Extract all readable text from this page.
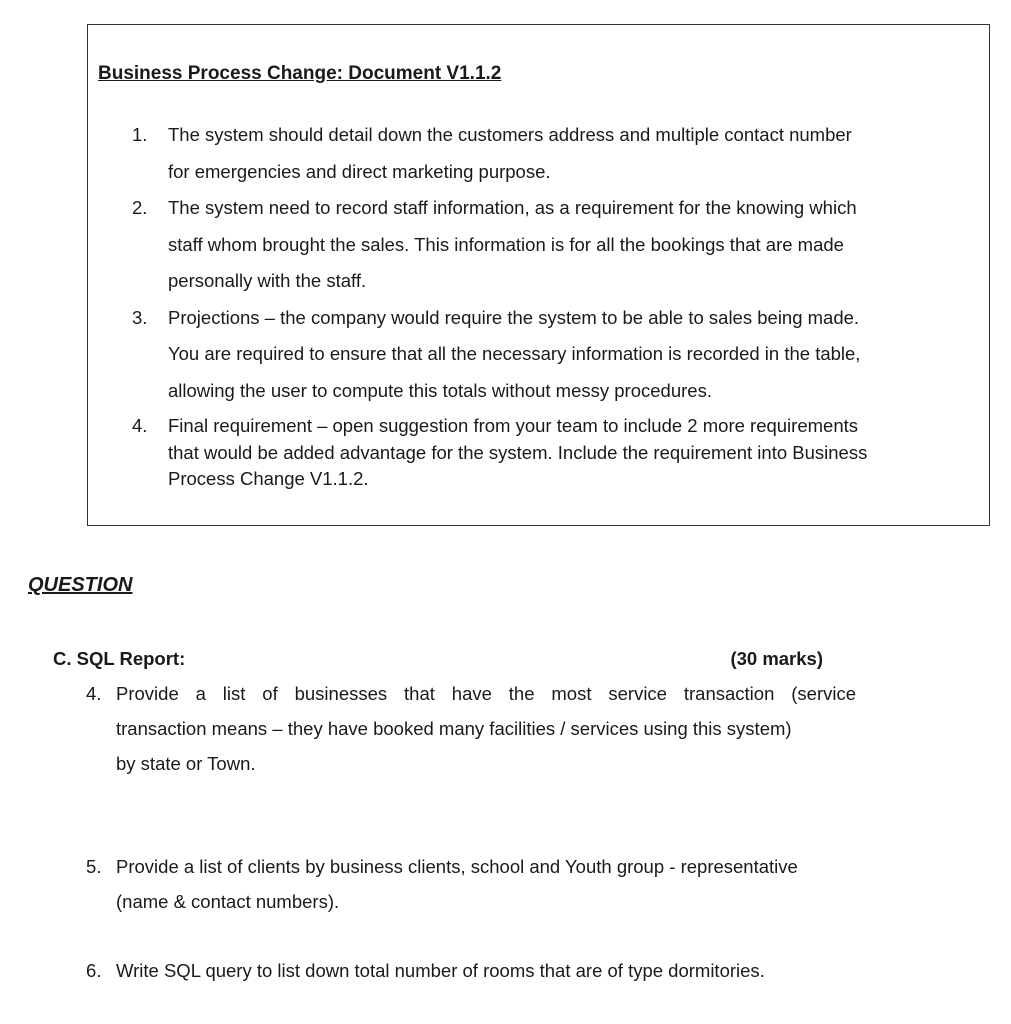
Business Process Change: Document V1.1.2
1.	The system should detail down the customers address and multiple contact number
for emergencies and direct marketing purpose.
2.	The system need to record staff information, as a requirement for the knowing which
staff whom brought the sales. This information is for all the bookings that are made
personally with the staff.
3.	Projections – the company would require the system to be able to sales being made.
You are required to ensure that all the necessary information is recorded in the table,
allowing the user to compute this totals without messy procedures.
4.	Final requirement – open suggestion from your team to include 2 more requirements
that would be added advantage for the system. Include the requirement into Business
Process Change V1.1.2.
QUESTION
C. SQL Report:	(30 marks)
4. Provide a list of businesses that have the most service transaction (service
transaction means – they have booked many facilities / services using this system)
by state or Town.
5. Provide a list of clients by business clients, school and Youth group - representative
(name & contact numbers).
6. Write SQL query to list down total number of rooms that are of type dormitories.
